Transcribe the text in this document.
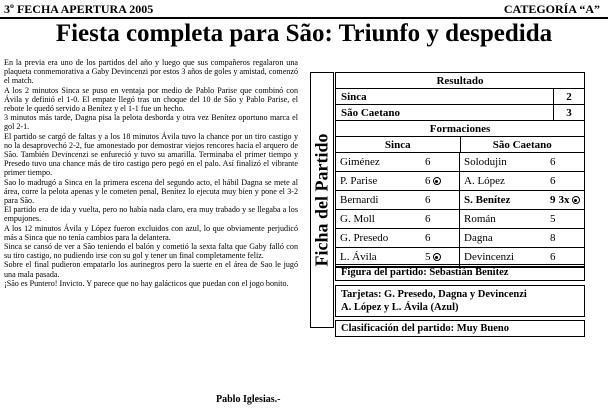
3º FECHA APERTURA 2005	CATEGORÍA “A”
Fiesta completa para São: Triunfo y despedida

En la previa era uno de los partidos del año y luego que sus compañeros regalaron una plaqueta conmemorativa a Gaby Devincenzi por estos 3 años de goles y amistad, comenzó el match.

A los 2 minutos Sinca se puso en ventaja por medio de Pablo Parise que combinó con Ávila y definió el 1-0. El empate llegó tras un choque del 10 de São y Pablo Parise, el rebote le quedó servido a Benítez y el 1-1 fue un hecho.

3 minutos más tarde, Dagna pisa la pelota desborda y otra vez Benítez oportuno marca el gol 2-1.

El partido se cargó de faltas y a los 18 minutos Ávila tuvo la chance por un tiro castigo y no la desaprovechó 2-2, fue amonestado por demostrar viejos rencores hacia el arquero de São. También Devincenzi se enfureció y tuvo su amarilla. Terminaba el primer tiempo y Presedo tuvo una chance más de tiro castigo pero pegó en el palo. Así finalizó el vibrante primer tiempo.

Sao lo madrugó a Sinca en la primera escena del segundo acto, el hábil Dagna se mete al área, corre la pelota apenas y le cometen penal, Benítez lo ejecuta muy bien y pone el 3-2 para São.

El partido era de ida y vuelta, pero no había nada claro, era muy trabado y se llegaba a los empujones.

A los 12 minutos Ávila y López fueron excluidos con azul, lo que obviamente perjudicó más a Sinca que no tenía cambios para la delantera.

Sinca se cansó de ver a São teniendo el balón y cometió la sexta falta que Gaby falló con su tiro castigo, no pudiendo irse con su gol y tener un final completamente feliz.

Sobre el final pudieron empatarlo los aurinegros pero la suerte en el área de Sao le jugó una mala pasada.

¡São es Puntero! Invicto. Y parece que no hay galácticos que puedan con el jogo bonito.

Pablo Iglesias.-
Ficha del Partido
Resultado
Sinca	2
São Caetano	3
Formaciones
Sinca	São Caetano
Giménez	6	Solodujin	6
P. Parise	6	A. López	6
Bernardi	6	S. Benítez	9 3x
G. Moll	6	Román	5
G. Presedo	6	Dagna	8
L. Ávila	5	Devincenzi	6
Figura del partido: Sebastián Benítez
Tarjetas: G. Presedo, Dagna y Devincenzi
A. López y L. Ávila (Azul)
Clasificación del partido: Muy Bueno
